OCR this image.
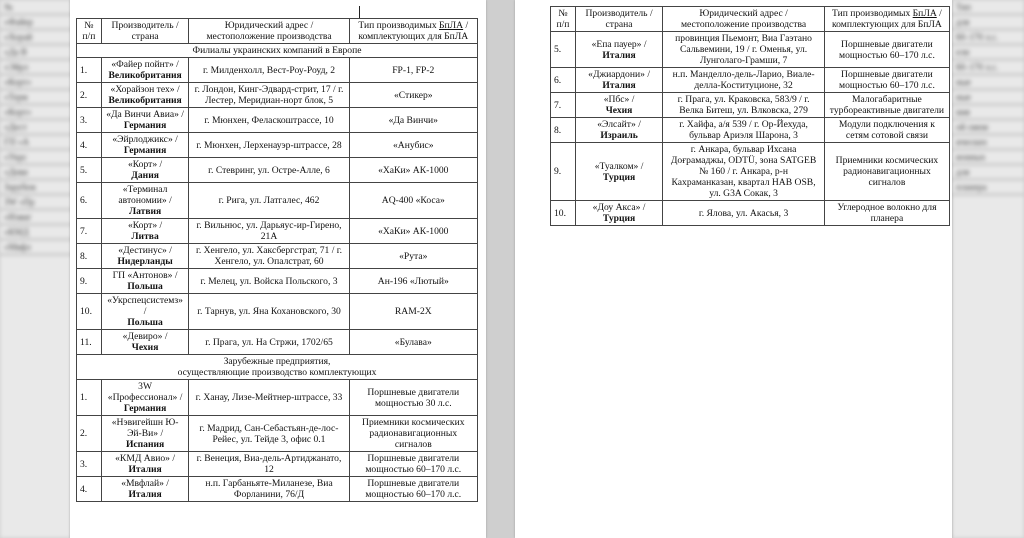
№
«Файер
«Хорай
«Да В
«Эйрл
«Корт»
«Терм
«Корт»
«Дест
ГП «А
«Укрс
«Деви
Зарубеж
3W «Пр
«Нэвиг
«КМД
«Мвфл
Тип
для
60–170 л.с.
ели
60–170 л.с.
ные
ные
ния
ой связи
ических
ионных
для
планера
№ п/п	Производитель / страна	Юридический адрес / местоположение производства	Тип производимых БпЛА / комплектующих для БпЛА
Филиалы украинских компаний в Европе			
1.	«Файер пойнт» /
Великобритания	г. Милденхолл, Вест-Роу-Роуд, 2	FP-1, FP-2
2.	«Хорайзон тех» /
Великобритания	г. Лондон, Кинг-Эдвард-стрит, 17 / г. Лестер, Меридиан-норт блок, 5	«Стикер»
3.	«Да Винчи Авиа» /
Германия	г. Мюнхен, Феласкоштрассе, 10	«Да Винчи»
4.	«Эйрлоджикс» /
Германия	г. Мюнхен, Лерхенауэр-штрассе, 28	«Анубис»
5.	«Корт» /
Дания	г. Стевринг, ул. Остре-Алле, 6	«ХаКи» АК-1000
6.	«Терминал автономии» /
Латвия	г. Рига, ул. Латгалес, 462	AQ-400 «Коса»
7.	«Корт» /
Литва	г. Вильнюс, ул. Дарьяус-ир-Гирено, 21А	«ХаКи» АК-1000
8.	«Дестинус» /
Нидерланды	г. Хенгело, ул. Хаксбергстрат, 71 / г. Хенгело, ул. Опалстрат, 60	«Рута»
9.	ГП «Антонов» /
Польша	г. Мелец, ул. Войска Польского, 3	Ан-196 «Лютый»
10.	«Укрспецсистемз» /
Польша	г. Тарнув, ул. Яна Кохановского, 30	RAM-2X
11.	«Девиро» /
Чехия	г. Прага, ул. На Стржи, 1702/65	«Булава»
Зарубежные предприятия,
осуществляющие производство комплектующих			
1.	3W «Профессионал» /
Германия	г. Ханау, Лизе-Мейтнер-штрассе, 33	Поршневые двигатели мощностью 30 л.с.
2.	«Нэвигейшн Ю-Эй-Ви» /
Испания	г. Мадрид, Сан-Себастьян-де-лос-Рейес, ул. Тейде 3, офис 0.1	Приемники космических радионавигационных сигналов
3.	«КМД Авио» /
Италия	г. Венеция, Виа-дель-Артиджанато, 12	Поршневые двигатели мощностью 60–170 л.с.
4.	«Мвфлай» /
Италия	н.п. Гарбаньяте-Миланезе, Виа Форланини, 76/Д	Поршневые двигатели мощностью 60–170 л.с.
№ п/п	Производитель / страна	Юридический адрес / местоположение производства	Тип производимых БпЛА / комплектующих для БпЛА
5.	«Епа пауер» /
Италия	провинция Пьемонт, Виа Гаэтано Сальвемини, 19 / г. Оменья, ул. Лунголаго-Грамши, 7	Поршневые двигатели мощностью 60–170 л.с.
6.	«Джиардони» /
Италия	н.п. Манделло-дель-Ларио, Виале-делла-Коституционе, 32	Поршневые двигатели мощностью 60–170 л.с.
7.	«Пбс» /
Чехия	г. Прага, ул. Краковска, 583/9 / г. Велка Битеш, ул. Влковска, 279	Малогабаритные турбореактивные двигатели
8.	«Элсайт» /
Израиль	г. Хайфа, а/я 539 / г. Ор-Йехуда, бульвар Ариэля Шарона, 3	Модули подключения к сетям сотовой связи
9.	«Туалком» /
Турция	г. Анкара, бульвар Ихсана Доғрамаджы, ODTÜ, зона SATGEB № 160 / г. Анкара, р-н Кахраманказан, квартал HAB OSB, ул. G3A Сокак, 3	Приемники космических радионавигационных сигналов
10.	«Доу Акса» /
Турция	г. Ялова, ул. Акасья, 3	Углеродное волокно для планера
